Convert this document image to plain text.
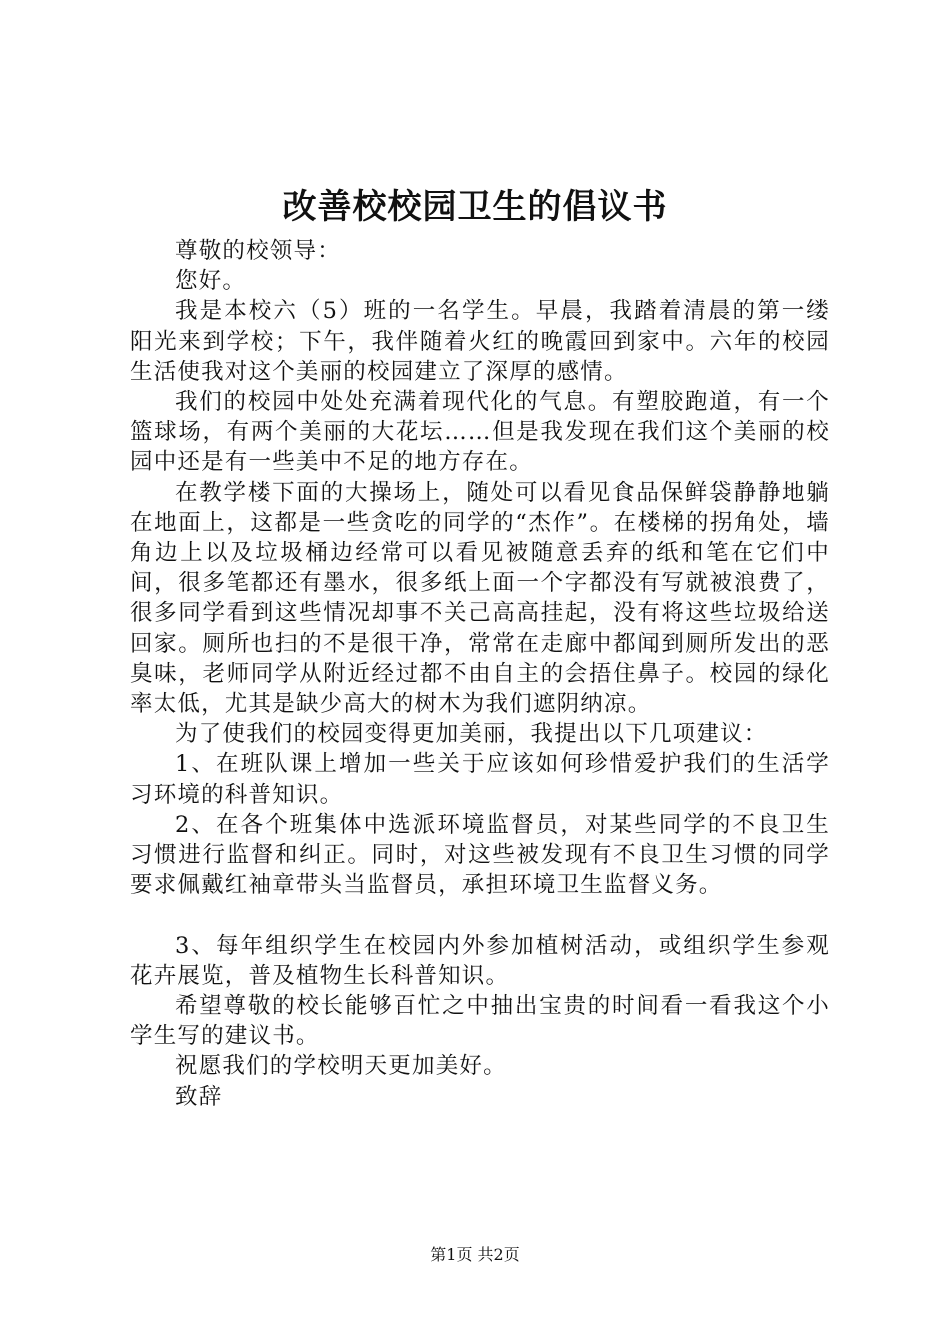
改善校校园卫生的倡议书

尊敬的校领导：

您好。

我是本校六（5）班的一名学生。早晨，我踏着清晨的第一缕阳光来到学校；下午，我伴随着火红的晚霞回到家中。六年的校园生活使我对这个美丽的校园建立了深厚的感情。

我们的校园中处处充满着现代化的气息。有塑胶跑道，有一个篮球场，有两个美丽的大花坛……但是我发现在我们这个美丽的校园中还是有一些美中不足的地方存在。

在教学楼下面的大操场上，随处可以看见食品保鲜袋静静地躺在地面上，这都是一些贪吃的同学的“杰作”。在楼梯的拐角处，墙角边上以及垃圾桶边经常可以看见被随意丢弃的纸和笔在它们中间，很多笔都还有墨水，很多纸上面一个字都没有写就被浪费了，很多同学看到这些情况却事不关己高高挂起，没有将这些垃圾给送回家。厕所也扫的不是很干净，常常在走廊中都闻到厕所发出的恶臭味，老师同学从附近经过都不由自主的会捂住鼻子。校园的绿化率太低，尤其是缺少高大的树木为我们遮阴纳凉。

为了使我们的校园变得更加美丽，我提出以下几项建议：

1、在班队课上增加一些关于应该如何珍惜爱护我们的生活学习环境的科普知识。

2、在各个班集体中选派环境监督员，对某些同学的不良卫生习惯进行监督和纠正。同时，对这些被发现有不良卫生习惯的同学要求佩戴红袖章带头当监督员，承担环境卫生监督义务。

3、每年组织学生在校园内外参加植树活动，或组织学生参观花卉展览，普及植物生长科普知识。

希望尊敬的校长能够百忙之中抽出宝贵的时间看一看我这个小学生写的建议书。

祝愿我们的学校明天更加美好。

致辞

第1页 共2页
